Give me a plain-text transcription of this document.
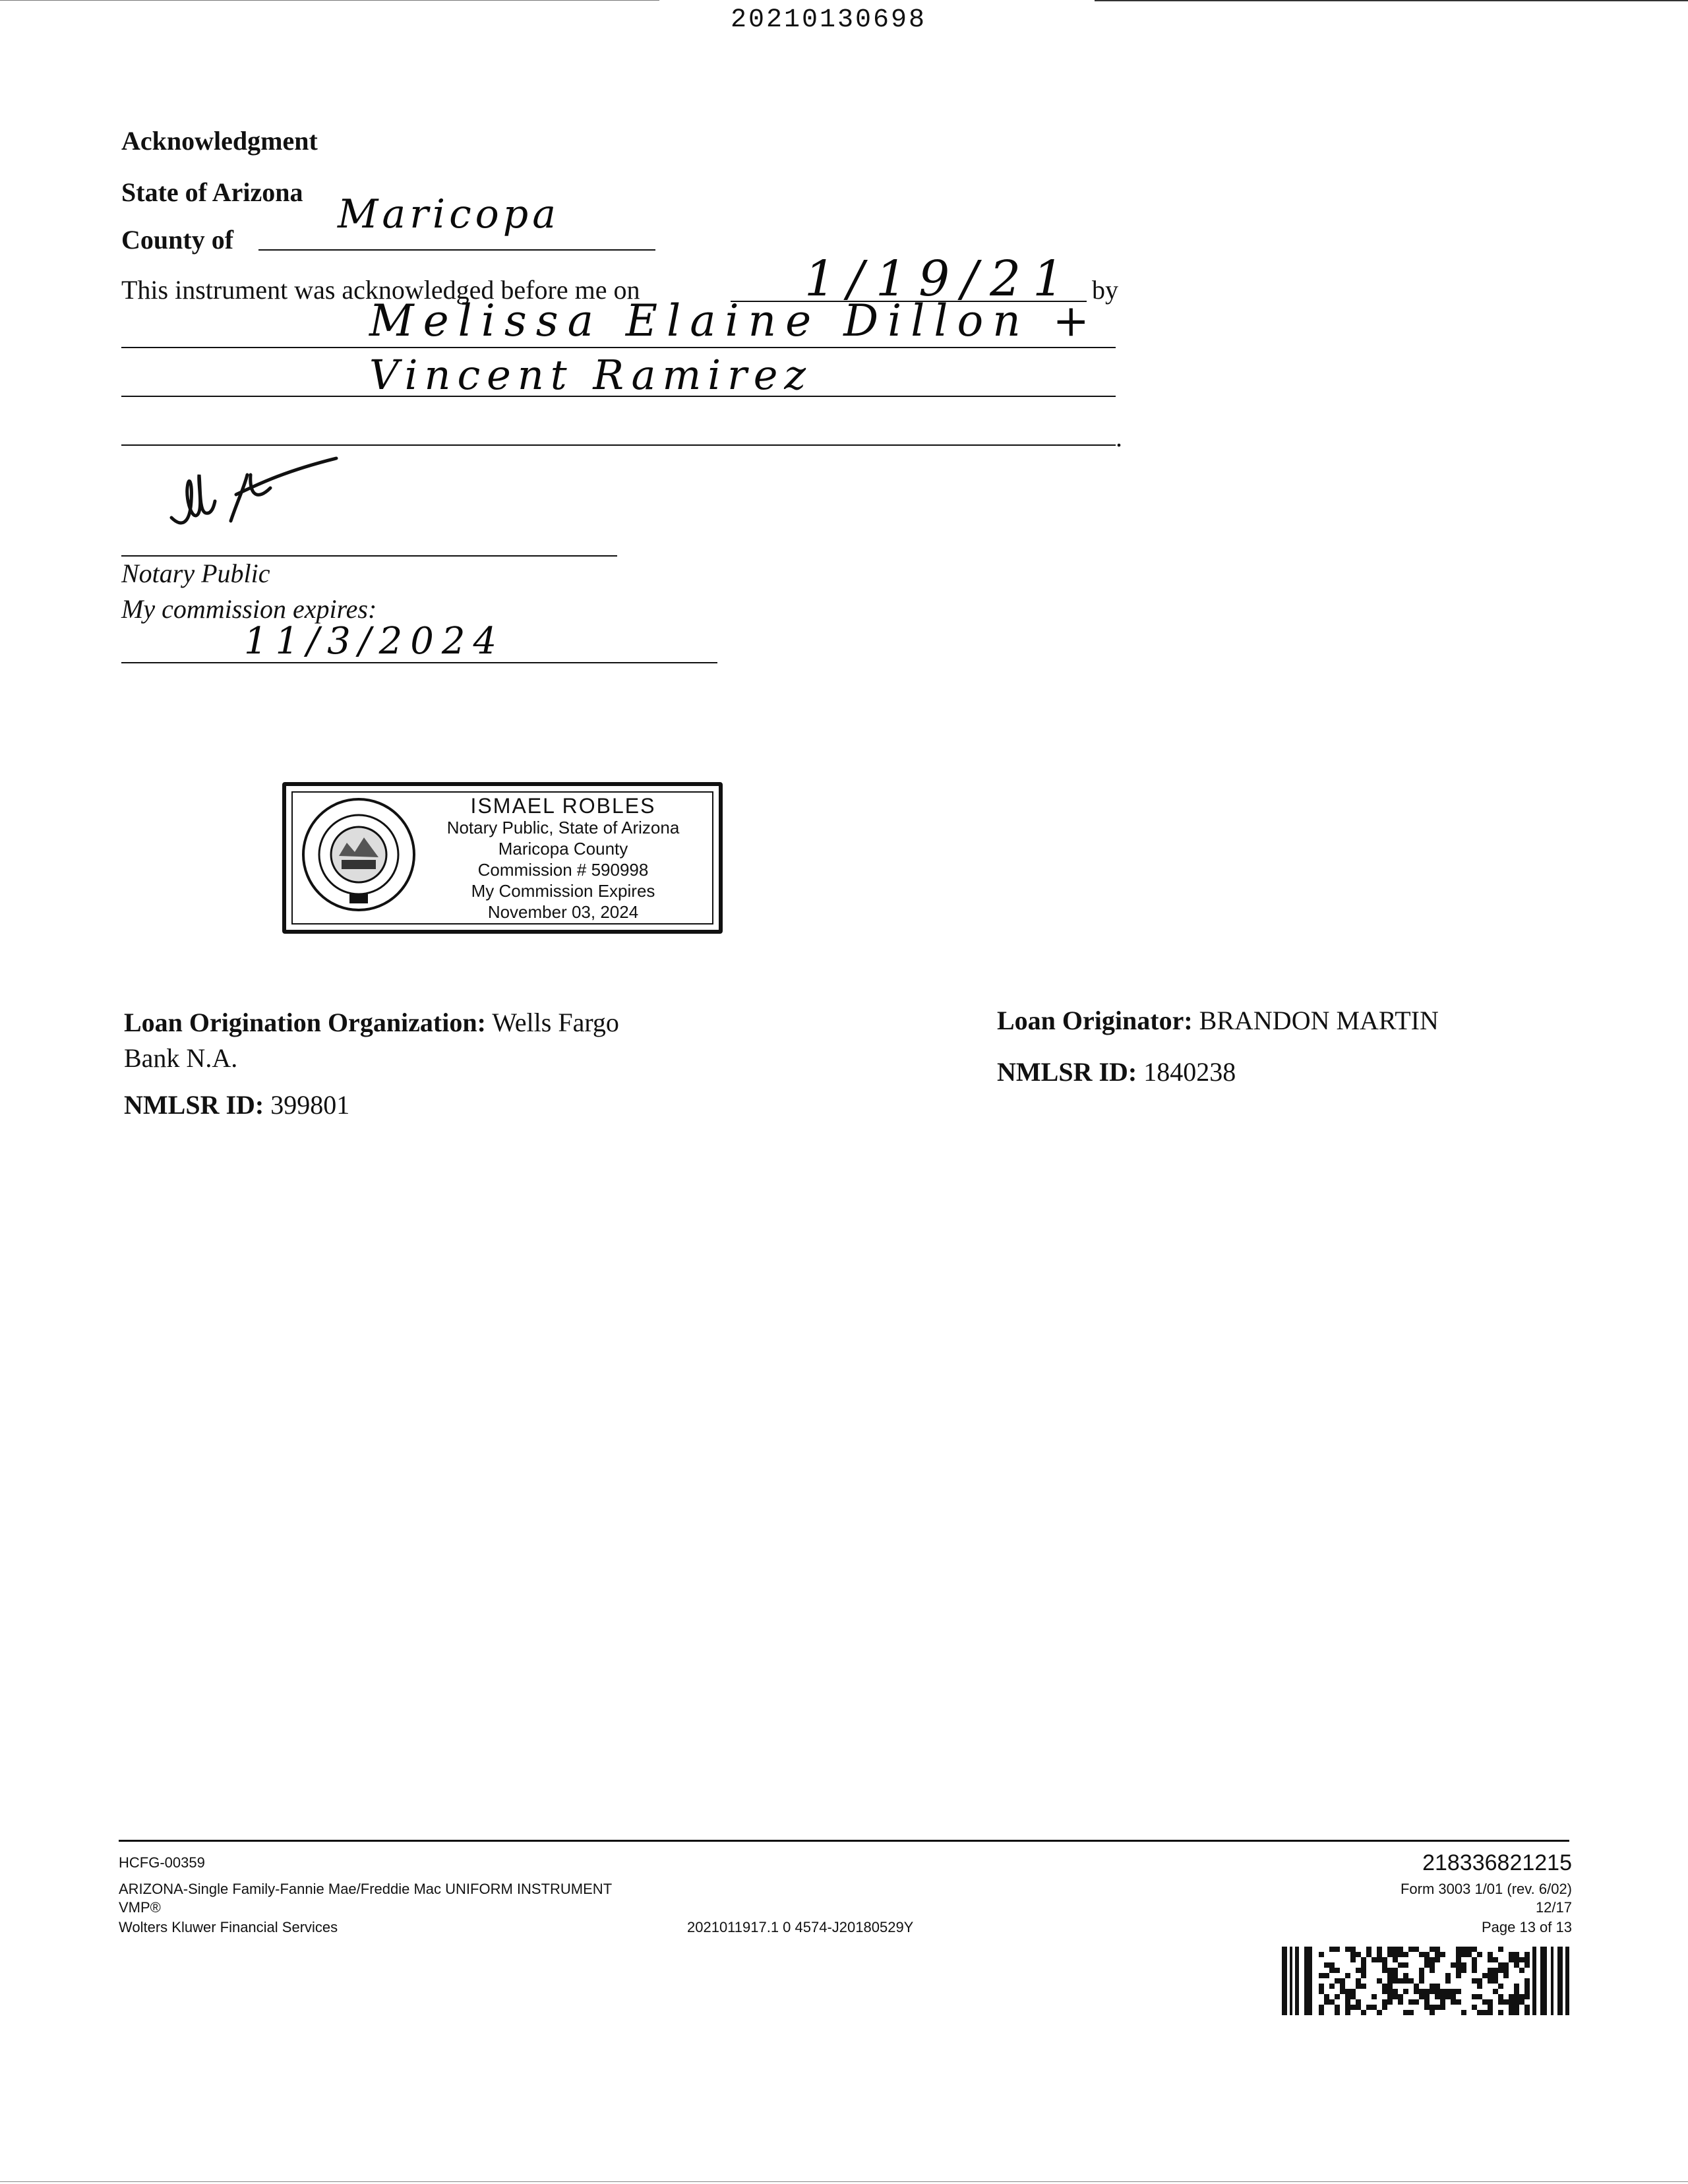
20210130698
Acknowledgment
State of Arizona
County of
Maricopa
This instrument was acknowledged before me on	1/19/21 by
Melissa Elaine Dillon +
Vincent Ramirez
.
Notary Public
My commission expires:
11/3/2024
ISMAEL ROBLES
Notary Public, State of Arizona
Maricopa County
Commission # 590998
My Commission Expires
November 03, 2024
Loan Origination Organization: Wells Fargo
Bank N.A.
NMLSR ID: 399801
Loan Originator: BRANDON MARTIN
NMLSR ID: 1840238
HCFG-00359
ARIZONA-Single Family-Fannie Mae/Freddie Mac UNIFORM INSTRUMENT
VMP®
Wolters Kluwer Financial Services	2021011917.1 0 4574-J20180529Y
218336821215
Form 3003 1/01 (rev. 6/02)
12/17
Page 13 of 13
